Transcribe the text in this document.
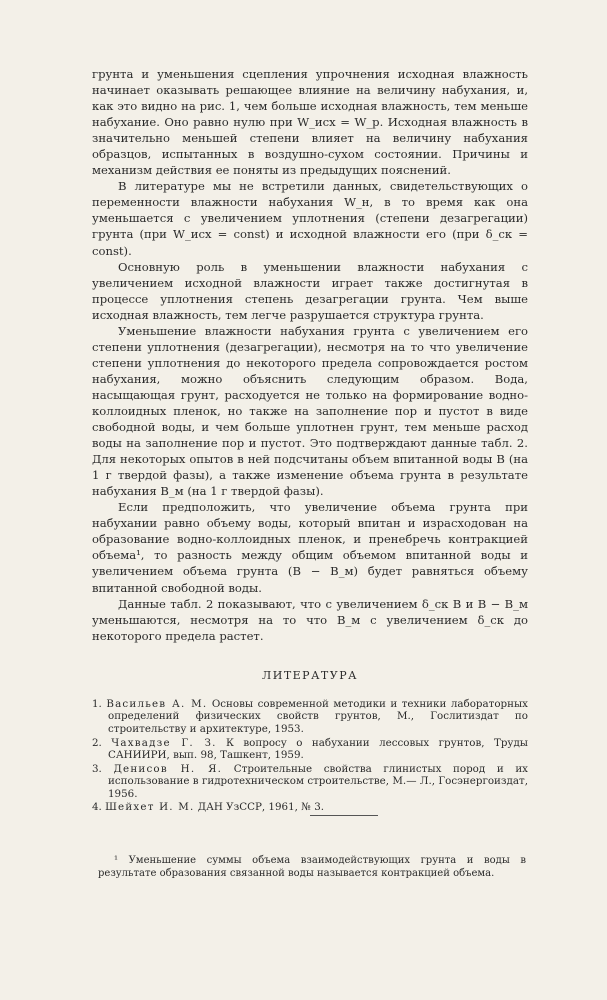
грунта и уменьшения сцепления упрочнения исходная влажность начинает оказывать решающее влияние на величину набухания, и, как это видно на рис. 1, чем больше исходная влажность, тем меньше набухание. Оно равно нулю при W_исх = W_p. Исходная влажность в значительно меньшей степени влияет на величину набухания образцов, испытанных в воздушно-сухом состоянии. Причины и механизм действия ее поняты из предыдущих пояснений.

В литературе мы не встретили данных, свидетельствующих о переменности влажности набухания W_н, в то время как она уменьшается с увеличением уплотнения (степени дезагрегации) грунта (при W_исх = const) и исходной влажности его (при δ_ск = const).

Основную роль в уменьшении влажности набухания с увеличением исходной влажности играет также достигнутая в процессе уплотнения степень дезагрегации грунта. Чем выше исходная влажность, тем легче разрушается структура грунта.

Уменьшение влажности набухания грунта с увеличением его степени уплотнения (дезагрегации), несмотря на то что увеличение степени уплотнения до некоторого предела сопровождается ростом набухания, можно объяснить следующим образом. Вода, насыщающая грунт, расходуется не только на формирование водно-коллоидных пленок, но также на заполнение пор и пустот в виде свободной воды, и чем больше уплотнен грунт, тем меньше расход воды на заполнение пор и пустот. Это подтверждают данные табл. 2. Для некоторых опытов в ней подсчитаны объем впитанной воды B (на 1 г твердой фазы), а также изменение объема грунта в результате набухания B_м (на 1 г твердой фазы).

Если предположить, что увеличение объема грунта при набухании равно объему воды, который впитан и израсходован на образование водно-коллоидных пленок, и пренебречь контракцией объема¹, то разность между общим объемом впитанной воды и увеличением объема грунта (B − B_м) будет равняться объему впитанной свободной воды.

Данные табл. 2 показывают, что с увеличением δ_ск B и B − B_м уменьшаются, несмотря на то что B_м с увеличением δ_ск до некоторого предела растет.

ЛИТЕРАТУРА
1. Васильев А. М. Основы современной методики и техники лабораторных определений физических свойств грунтов, М., Гослитиздат по строительству и архитектуре, 1953.
2. Чахвадзе Г. З. К вопросу о набухании лессовых грунтов, Труды САНИИРИ, вып. 98, Ташкент, 1959.
3. Денисов Н. Я. Строительные свойства глинистых пород и их использование в гидротехническом строительстве, М.— Л., Госэнергоиздат, 1956.
4. Шейхет И. М. ДАН УзССР, 1961, № 3.
¹ Уменьшение суммы объема взаимодействующих грунта и воды в результате образования связанной воды называется контракцией объема.
